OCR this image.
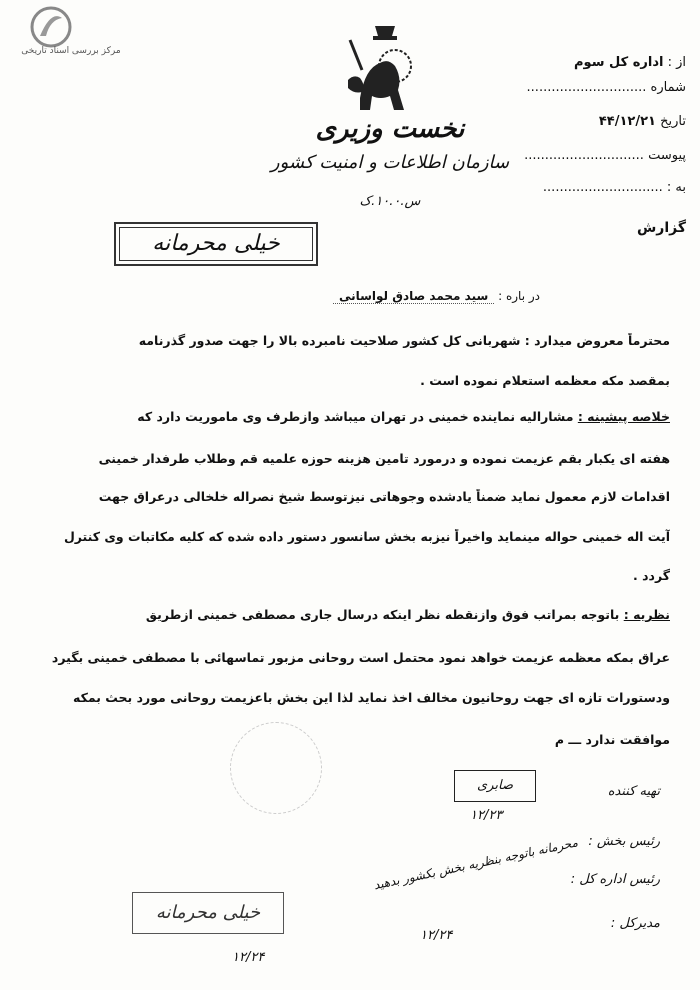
مرکز بررسی اسناد تاریخی
نخست وزیری
سازمان اطلاعات و امنیت کشور
س.۱۰.۰.ک
از : اداره کل سوم
شماره .............................
تاریخ ۴۴/۱۲/۲۱
پیوست .............................
به : .............................
گزارش
خیلی محرمانه
در باره : سید محمد صادق لواسانی
محترماً معروض میدارد : شهربانی کل کشور صلاحیت نامبرده بالا را جهت صدور گذرنامه
بمقصد مکه معظمه استعلام نموده است .
خلاصه پیشینه : مشارالیه نماینده خمینی در تهران میباشد وازطرف وی ماموریت دارد که
هفته ای یکبار بقم عزیمت نموده و درمورد تامین هزینه حوزه علمیه قم وطلاب طرفدار خمینی
اقدامات لازم معمول نماید ضمناً یادشده وجوهاتی نیزتوسط شیخ نصراله خلخالی درعراق جهت
آیت اله خمینی حواله مینماید واخیراً نیزبه بخش سانسور دستور داده شده که کلیه مکاتبات وی کنترل
گردد .
نظریه : باتوجه بمراتب فوق وازنقطه نظر اینکه درسال جاری مصطفی خمینی ازطریق
عراق بمکه معظمه عزیمت خواهد نمود محتمل است روحانی مزبور تماسهائی با مصطفی خمینی بگیرد
ودستورات تازه ای جهت روحانیون مخالف اخذ نماید لذا این بخش باعزیمت روحانی مورد بحث بمکه
موافقت ندارد ـــ م
تهیه کننده
صابری
۱۲/۲۳
رئیس بخش :
رئیس اداره کل :
مدیرکل :
محرمانه باتوجه بنظریه بخش بکشور بدهید
۱۲/۲۴
خیلی محرمانه
۱۲/۲۴
